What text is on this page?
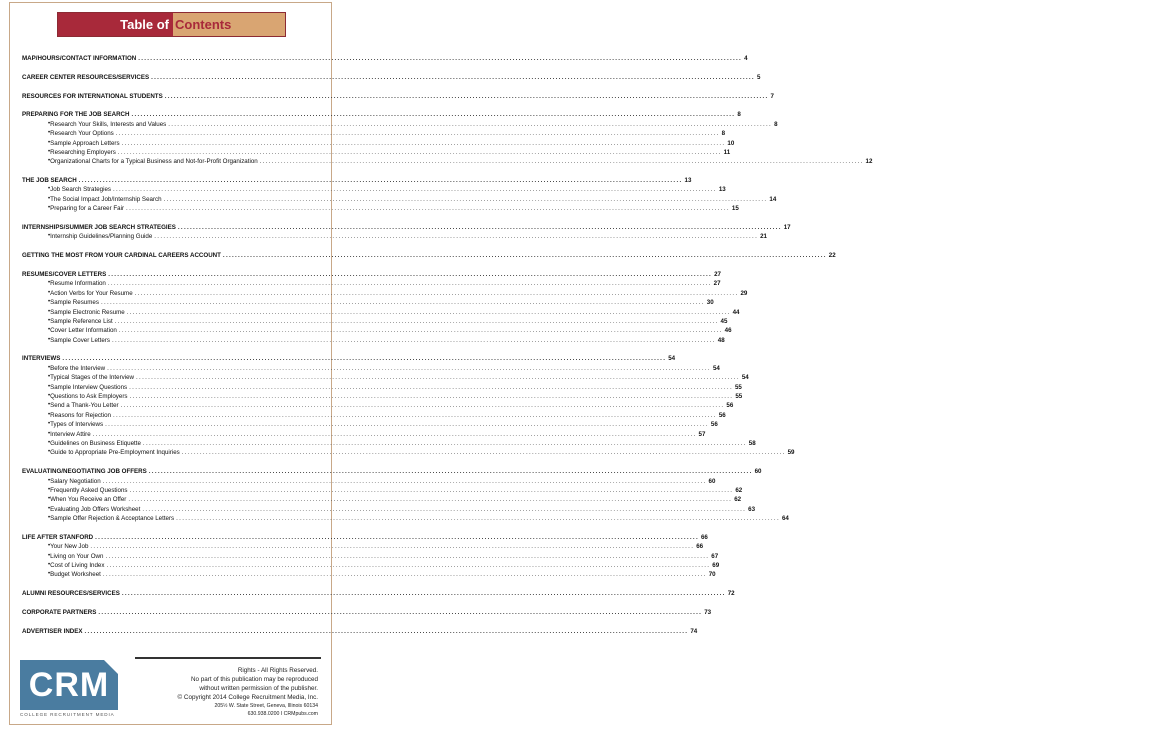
Table of Contents
MAP/HOURS/CONTACT INFORMATION ........................................................................................................................................................................................................ 4
CAREER CENTER RESOURCES/SERVICES ........................................................................................................................................................................................................ 5
RESOURCES FOR INTERNATIONAL STUDENTS ........................................................................................................................................................................................................ 7
PREPARING FOR THE JOB SEARCH ........................................................................................................................................................................................................ 8
• Research Your Skills, Interests and Values ........................................................................................................................................................................................................ 8
• Research Your Options ........................................................................................................................................................................................................ 8
• Sample Approach Letters ........................................................................................................................................................................................................ 10
• Researching Employers ........................................................................................................................................................................................................ 11
• Organizational Charts for a Typical Business and Not-for-Profit Organization ........................................................................................................................................................................................................ 12
THE JOB SEARCH ........................................................................................................................................................................................................ 13
• Job Search Strategies ........................................................................................................................................................................................................ 13
• The Social Impact Job/Internship Search ........................................................................................................................................................................................................ 14
• Preparing for a Career Fair ........................................................................................................................................................................................................ 15
INTERNSHIPS/SUMMER JOB SEARCH STRATEGIES ........................................................................................................................................................................................................ 17
• Internship Guidelines/Planning Guide ........................................................................................................................................................................................................ 21
GETTING THE MOST FROM YOUR CARDINAL CAREERS ACCOUNT ........................................................................................................................................................................................................ 22
RESUMES/COVER LETTERS ........................................................................................................................................................................................................ 27
• Resume Information ........................................................................................................................................................................................................ 27
• Action Verbs for Your Resume ........................................................................................................................................................................................................ 29
• Sample Resumes ........................................................................................................................................................................................................ 30
• Sample Electronic Resume ........................................................................................................................................................................................................ 44
• Sample Reference List ........................................................................................................................................................................................................ 45
• Cover Letter Information ........................................................................................................................................................................................................ 46
• Sample Cover Letters ........................................................................................................................................................................................................ 48
INTERVIEWS ........................................................................................................................................................................................................ 54
• Before the Interview ........................................................................................................................................................................................................ 54
• Typical Stages of the Interview ........................................................................................................................................................................................................ 54
• Sample Interview Questions ........................................................................................................................................................................................................ 55
• Questions to Ask Employers ........................................................................................................................................................................................................ 55
• Send a Thank-You Letter ........................................................................................................................................................................................................ 56
• Reasons for Rejection ........................................................................................................................................................................................................ 56
• Types of Interviews ........................................................................................................................................................................................................ 56
• Interview Attire ........................................................................................................................................................................................................ 57
• Guidelines on Business Etiquette ........................................................................................................................................................................................................ 58
• Guide to Appropriate Pre-Employment Inquiries ........................................................................................................................................................................................................ 59
EVALUATING/NEGOTIATING JOB OFFERS ........................................................................................................................................................................................................ 60
• Salary Negotiation ........................................................................................................................................................................................................ 60
• Frequently Asked Questions ........................................................................................................................................................................................................ 62
• When You Receive an Offer ........................................................................................................................................................................................................ 62
• Evaluating Job Offers Worksheet ........................................................................................................................................................................................................ 63
• Sample Offer Rejection & Acceptance Letters ........................................................................................................................................................................................................ 64
LIFE AFTER STANFORD ........................................................................................................................................................................................................ 66
• Your New Job ........................................................................................................................................................................................................ 66
• Living on Your Own ........................................................................................................................................................................................................ 67
• Cost of Living Index ........................................................................................................................................................................................................ 69
• Budget Worksheet ........................................................................................................................................................................................................ 70
ALUMNI RESOURCES/SERVICES ........................................................................................................................................................................................................ 72
CORPORATE PARTNERS ........................................................................................................................................................................................................ 73
ADVERTISER INDEX ........................................................................................................................................................................................................ 74
CRM
COLLEGE RECRUITMENT MEDIA
Rights - All Rights Reserved.
No part of this publication may be reproduced
without written permission of the publisher.
© Copyright 2014 College Recruitment Media, Inc.
205½ W. State Street, Geneva, Illinois 60134
630.938.0200 I CRMpubs.com
